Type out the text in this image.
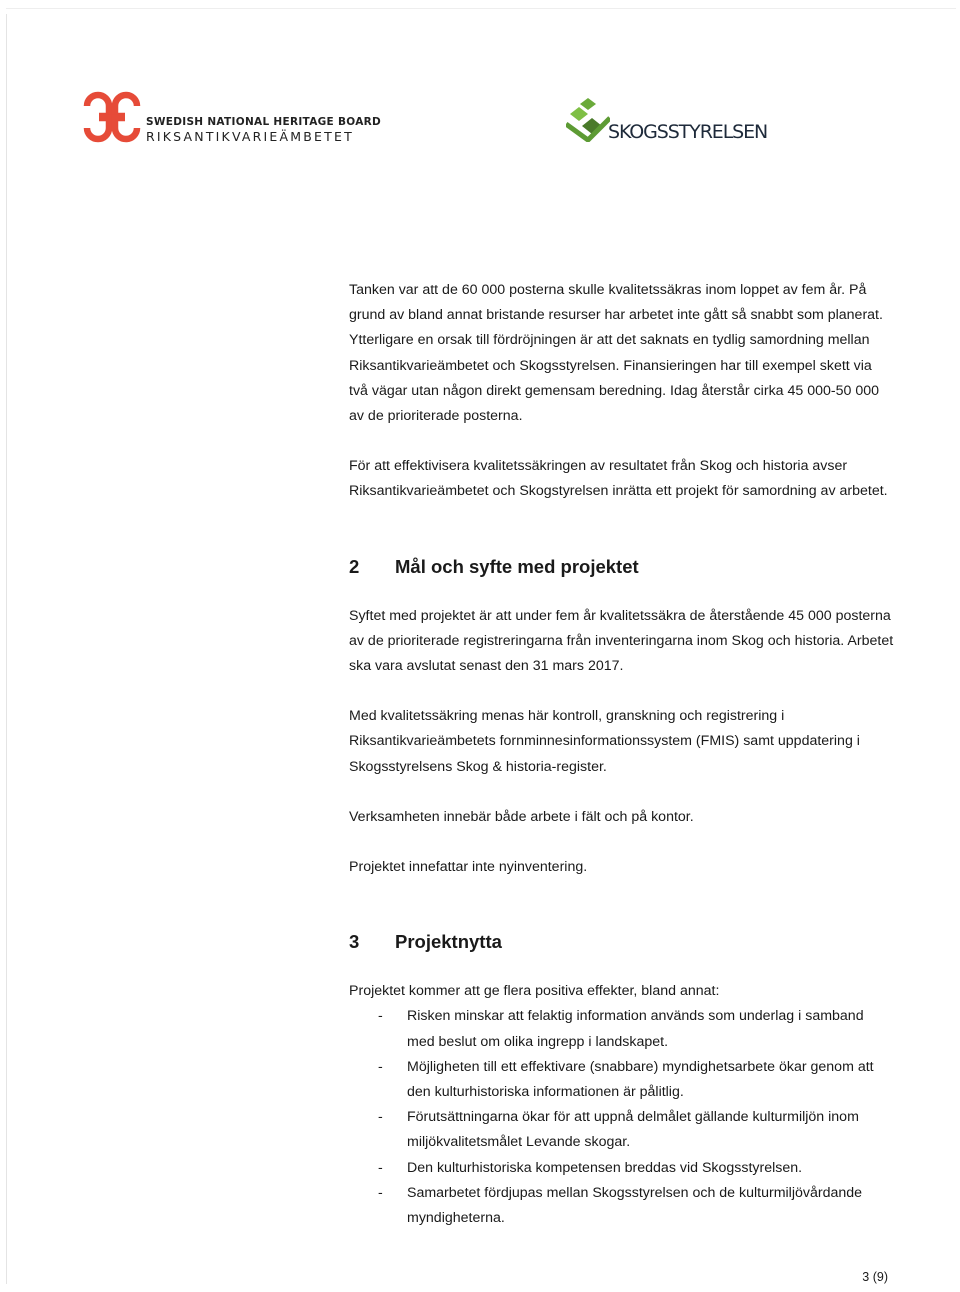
SWEDISH NATIONAL HERITAGE BOARD
RIKSANTIKVARIEÄMBETET	SKOGSSTYRELSEN

Tanken var att de 60 000 posterna skulle kvalitetssäkras inom loppet av fem år. På grund av bland annat bristande resurser har arbetet inte gått så snabbt som planerat. Ytterligare en orsak till fördröjningen är att det saknats en tydlig samordning mellan Riksantikvarieämbetet och Skogsstyrelsen. Finansieringen har till exempel skett via två vägar utan någon direkt gemensam beredning. Idag återstår cirka 45 000-50 000 av de prioriterade posterna.

För att effektivisera kvalitetssäkringen av resultatet från Skog och historia avser Riksantikvarieämbetet och Skogstyrelsen inrätta ett projekt för samordning av arbetet.

2 Mål och syfte med projektet

Syftet med projektet är att under fem år kvalitetssäkra de återstående 45 000 posterna av de prioriterade registreringarna från inventeringarna inom Skog och historia. Arbetet ska vara avslutat senast den 31 mars 2017.

Med kvalitetssäkring menas här kontroll, granskning och registrering i Riksantikvarieämbetets fornminnesinformationssystem (FMIS) samt uppdatering i Skogsstyrelsens Skog & historia-register.

Verksamheten innebär både arbete i fält och på kontor.

Projektet innefattar inte nyinventering.

3 Projektnytta
Projektet kommer att ge flera positiva effekter, bland annat:
- Risken minskar att felaktig information används som underlag i samband med beslut om olika ingrepp i landskapet.
- Möjligheten till ett effektivare (snabbare) myndighetsarbete ökar genom att den kulturhistoriska informationen är pålitlig.
- Förutsättningarna ökar för att uppnå delmålet gällande kulturmiljön inom miljökvalitetsmålet Levande skogar.
- Den kulturhistoriska kompetensen breddas vid Skogsstyrelsen.
- Samarbetet fördjupas mellan Skogsstyrelsen och de kulturmiljövårdande myndigheterna.
3 (9)
